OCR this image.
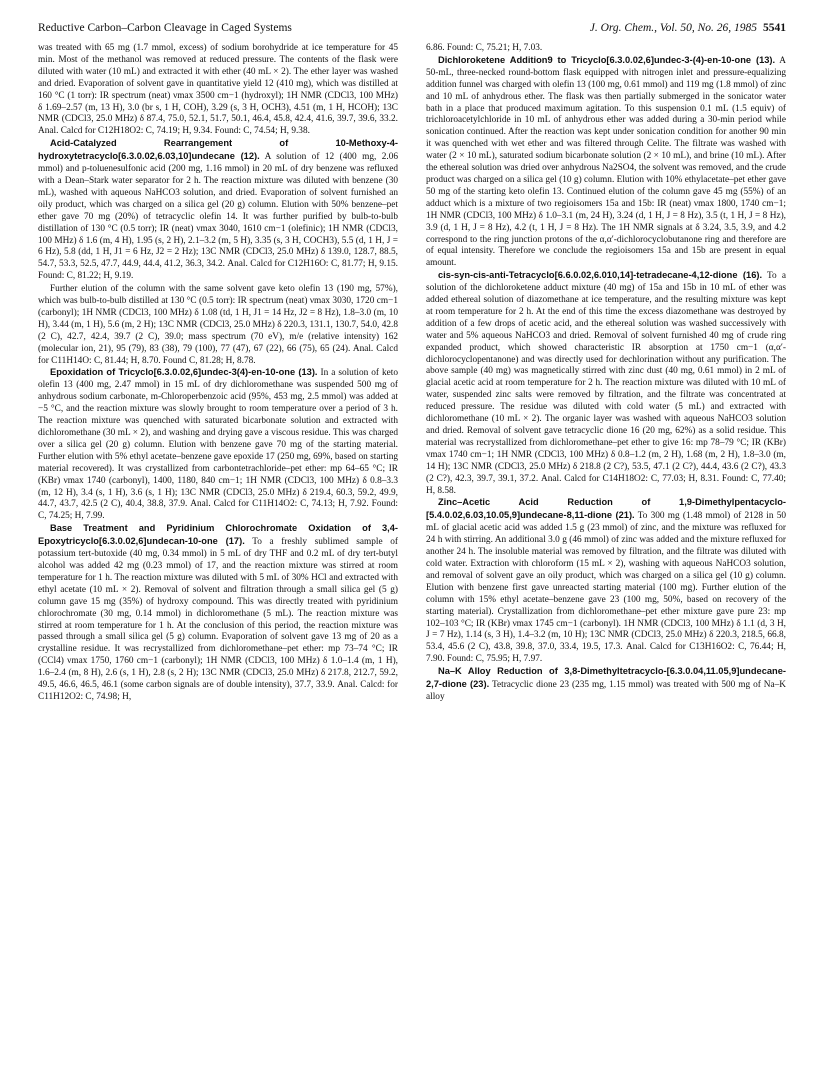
Reductive Carbon–Carbon Cleavage in Caged Systems	J. Org. Chem., Vol. 50, No. 26, 1985 5541

was treated with 65 mg (1.7 mmol, excess) of sodium borohydride at ice temperature for 45 min. Most of the methanol was removed at reduced pressure. The contents of the flask were diluted with water (10 mL) and extracted it with ether (40 mL × 2). The ether layer was washed and dried. Evaporation of solvent gave in quantitative yield 12 (410 mg), which was distilled at 160 °C (1 torr): IR spectrum (neat) νmax 3500 cm−1 (hydroxyl); 1H NMR (CDCl3, 100 MHz) δ 1.69–2.57 (m, 13 H), 3.0 (br s, 1 H, COH), 3.29 (s, 3 H, OCH3), 4.51 (m, 1 H, HCOH); 13C NMR (CDCl3, 25.0 MHz) δ 87.4, 75.0, 52.1, 51.7, 50.1, 46.4, 45.8, 42.4, 41.6, 39.7, 39.6, 33.2. Anal. Calcd for C12H18O2: C, 74.19; H, 9.34. Found: C, 74.54; H, 9.38.

Acid-Catalyzed Rearrangement of 10-Methoxy-4-hydroxytetracyclo[6.3.0.02,6.03,10]undecane (12). A solution of 12 (400 mg, 2.06 mmol) and p-toluenesulfonic acid (200 mg, 1.16 mmol) in 20 mL of dry benzene was refluxed with a Dean–Stark water separator for 2 h. The reaction mixture was diluted with benzene (30 mL), washed with aqueous NaHCO3 solution, and dried. Evaporation of solvent furnished an oily product, which was charged on a silica gel (20 g) column. Elution with 50% benzene–pet ether gave 70 mg (20%) of tetracyclic olefin 14. It was further purified by bulb-to-bulb distillation of 130 °C (0.5 torr); IR (neat) νmax 3040, 1610 cm−1 (olefinic); 1H NMR (CDCl3, 100 MHz) δ 1.6 (m, 4 H), 1.95 (s, 2 H), 2.1–3.2 (m, 5 H), 3.35 (s, 3 H, COCH3), 5.5 (d, 1 H, J = 6 Hz), 5.8 (dd, 1 H, J1 = 6 Hz, J2 = 2 Hz); 13C NMR (CDCl3, 25.0 MHz) δ 139.0, 128.7, 88.5, 54.7, 53.3, 52.5, 47.7, 44.9, 44.4, 41.2, 36.3, 34.2. Anal. Calcd for C12H16O: C, 81.77; H, 9.15. Found: C, 81.22; H, 9.19.

Further elution of the column with the same solvent gave keto olefin 13 (190 mg, 57%), which was bulb-to-bulb distilled at 130 °C (0.5 torr): IR spectrum (neat) νmax 3030, 1720 cm−1 (carbonyl); 1H NMR (CDCl3, 100 MHz) δ 1.08 (td, 1 H, J1 = 14 Hz, J2 = 8 Hz), 1.8–3.0 (m, 10 H), 3.44 (m, 1 H), 5.6 (m, 2 H); 13C NMR (CDCl3, 25.0 MHz) δ 220.3, 131.1, 130.7, 54.0, 42.8 (2 C), 42.7, 42.4, 39.7 (2 C), 39.0; mass spectrum (70 eV), m/e (relative intensity) 162 (molecular ion, 21), 95 (79), 83 (38), 79 (100), 77 (47), 67 (22), 66 (75), 65 (24). Anal. Calcd for C11H14O: C, 81.44; H, 8.70. Found C, 81.28; H, 8.78.

Epoxidation of Tricyclo[6.3.0.02,6]undec-3(4)-en-10-one (13). In a solution of keto olefin 13 (400 mg, 2.47 mmol) in 15 mL of dry dichloromethane was suspended 500 mg of anhydrous sodium carbonate, m-Chloroperbenzoic acid (95%, 453 mg, 2.5 mmol) was added at −5 °C, and the reaction mixture was slowly brought to room temperature over a period of 3 h. The reaction mixture was quenched with saturated bicarbonate solution and extracted with dichloromethane (30 mL × 2), and washing and drying gave a viscous residue. This was charged over a silica gel (20 g) column. Elution with benzene gave 70 mg of the starting material. Further elution with 5% ethyl acetate–benzene gave epoxide 17 (250 mg, 69%, based on starting material recovered). It was crystallized from carbontetrachloride–pet ether: mp 64–65 °C; IR (KBr) νmax 1740 (carbonyl), 1400, 1180, 840 cm−1; 1H NMR (CDCl3, 100 MHz) δ 0.8–3.3 (m, 12 H), 3.4 (s, 1 H), 3.6 (s, 1 H); 13C NMR (CDCl3, 25.0 MHz) δ 219.4, 60.3, 59.2, 49.9, 44.7, 43.7, 42.5 (2 C), 40.4, 38.8, 37.9. Anal. Calcd for C11H14O2: C, 74.13; H, 7.92. Found: C, 74.25; H, 7.99.

Base Treatment and Pyridinium Chlorochromate Oxidation of 3,4-Epoxytricyclo[6.3.0.02,6]undecan-10-one (17). To a freshly sublimed sample of potassium tert-butoxide (40 mg, 0.34 mmol) in 5 mL of dry THF and 0.2 mL of dry tert-butyl alcohol was added 42 mg (0.23 mmol) of 17, and the reaction mixture was stirred at room temperature for 1 h. The reaction mixture was diluted with 5 mL of 30% HCl and extracted with ethyl acetate (10 mL × 2). Removal of solvent and filtration through a small silica gel (5 g) column gave 15 mg (35%) of hydroxy compound. This was directly treated with pyridinium chlorochromate (30 mg, 0.14 mmol) in dichloromethane (5 mL). The reaction mixture was stirred at room temperature for 1 h. At the conclusion of this period, the reaction mixture was passed through a small silica gel (5 g) column. Evaporation of solvent gave 13 mg of 20 as a crystalline residue. It was recrystallized from dichloromethane–pet ether: mp 73–74 °C; IR (CCl4) νmax 1750, 1760 cm−1 (carbonyl); 1H NMR (CDCl3, 100 MHz) δ 1.0–1.4 (m, 1 H), 1.6–2.4 (m, 8 H), 2.6 (s, 1 H), 2.8 (s, 2 H); 13C NMR (CDCl3, 25.0 MHz) δ 217.8, 212.7, 59.2, 49.5, 46.6, 46.5, 46.1 (some carbon signals are of double intensity), 37.7, 33.9. Anal. Calcd: for C11H12O2: C, 74.98; H,

6.86. Found: C, 75.21; H, 7.03.

Dichloroketene Addition9 to Tricyclo[6.3.0.02,6]undec-3-(4)-en-10-one (13). A 50-mL, three-necked round-bottom flask equipped with nitrogen inlet and pressure-equalizing addition funnel was charged with olefin 13 (100 mg, 0.61 mmol) and 119 mg (1.8 mmol) of zinc and 10 mL of anhydrous ether. The flask was then partially submerged in the sonicator water bath in a place that produced maximum agitation. To this suspension 0.1 mL (1.5 equiv) of trichloroacetylchloride in 10 mL of anhydrous ether was added during a 30-min period while sonication continued. After the reaction was kept under sonication condition for another 90 min it was quenched with wet ether and was filtered through Celite. The filtrate was washed with water (2 × 10 mL), saturated sodium bicarbonate solution (2 × 10 mL), and brine (10 mL). After the ethereal solution was dried over anhydrous Na2SO4, the solvent was removed, and the crude product was charged on a silica gel (10 g) column. Elution with 10% ethylacetate–pet ether gave 50 mg of the starting keto olefin 13. Continued elution of the column gave 45 mg (55%) of an adduct which is a mixture of two regioisomers 15a and 15b: IR (neat) νmax 1800, 1740 cm−1; 1H NMR (CDCl3, 100 MHz) δ 1.0–3.1 (m, 24 H), 3.24 (d, 1 H, J = 8 Hz), 3.5 (t, 1 H, J = 8 Hz), 3.9 (d, 1 H, J = 8 Hz), 4.2 (t, 1 H, J = 8 Hz). The 1H NMR signals at δ 3.24, 3.5, 3.9, and 4.2 correspond to the ring junction protons of the α,α′-dichlorocyclobutanone ring and therefore are of equal intensity. Therefore we conclude the regioisomers 15a and 15b are present in equal amount.

cis-syn-cis-anti-Tetracyclo[6.6.0.02,6.010,14]-tetradecane-4,12-dione (16). To a solution of the dichloroketene adduct mixture (40 mg) of 15a and 15b in 10 mL of ether was added ethereal solution of diazomethane at ice temperature, and the resulting mixture was kept at room temperature for 2 h. At the end of this time the excess diazomethane was destroyed by addition of a few drops of acetic acid, and the ethereal solution was washed successively with water and 5% aqueous NaHCO3 and dried. Removal of solvent furnished 40 mg of crude ring expanded product, which showed characteristic IR absorption at 1750 cm−1 (α,α′-dichlorocyclopentanone) and was directly used for dechlorination without any purification. The above sample (40 mg) was magnetically stirred with zinc dust (40 mg, 0.61 mmol) in 2 mL of glacial acetic acid at room temperature for 2 h. The reaction mixture was diluted with 10 mL of water, suspended zinc salts were removed by filtration, and the filtrate was concentrated at reduced pressure. The residue was diluted with cold water (5 mL) and extracted with dichloromethane (10 mL × 2). The organic layer was washed with aqueous NaHCO3 solution and dried. Removal of solvent gave tetracyclic dione 16 (20 mg, 62%) as a solid residue. This material was recrystallized from dichloromethane–pet ether to give 16: mp 78–79 °C; IR (KBr) νmax 1740 cm−1; 1H NMR (CDCl3, 100 MHz) δ 0.8–1.2 (m, 2 H), 1.68 (m, 2 H), 1.8–3.0 (m, 14 H); 13C NMR (CDCl3, 25.0 MHz) δ 218.8 (2 C?), 53.5, 47.1 (2 C?), 44.4, 43.6 (2 C?), 43.3 (2 C?), 42.3, 39.7, 39.1, 37.2. Anal. Calcd for C14H18O2: C, 77.03; H, 8.31. Found: C, 77.40; H, 8.58.

Zinc–Acetic Acid Reduction of 1,9-Dimethylpentacyclo-[5.4.0.02,6.03,10.05,9]undecane-8,11-dione (21). To 300 mg (1.48 mmol) of 2128 in 50 mL of glacial acetic acid was added 1.5 g (23 mmol) of zinc, and the mixture was refluxed for 24 h with stirring. An additional 3.0 g (46 mmol) of zinc was added and the mixture refluxed for another 24 h. The insoluble material was removed by filtration, and the filtrate was diluted with cold water. Extraction with chloroform (15 mL × 2), washing with aqueous NaHCO3 solution, and removal of solvent gave an oily product, which was charged on a silica gel (10 g) column. Elution with benzene first gave unreacted starting material (100 mg). Further elution of the column with 15% ethyl acetate–benzene gave 23 (100 mg, 50%, based on recovery of the starting material). Crystallization from dichloromethane–pet ether mixture gave pure 23: mp 102–103 °C; IR (KBr) νmax 1745 cm−1 (carbonyl). 1H NMR (CDCl3, 100 MHz) δ 1.1 (d, 3 H, J = 7 Hz), 1.14 (s, 3 H), 1.4–3.2 (m, 10 H); 13C NMR (CDCl3, 25.0 MHz) δ 220.3, 218.5, 66.8, 53.4, 45.6 (2 C), 43.8, 39.8, 37.0, 33.4, 19.5, 17.3. Anal. Calcd for C13H16O2: C, 76.44; H, 7.90. Found: C, 75.95; H, 7.97.

Na–K Alloy Reduction of 3,8-Dimethyltetracyclo-[6.3.0.04,11.05,9]undecane-2,7-dione (23). Tetracyclic dione 23 (235 mg, 1.15 mmol) was treated with 500 mg of Na–K alloy
